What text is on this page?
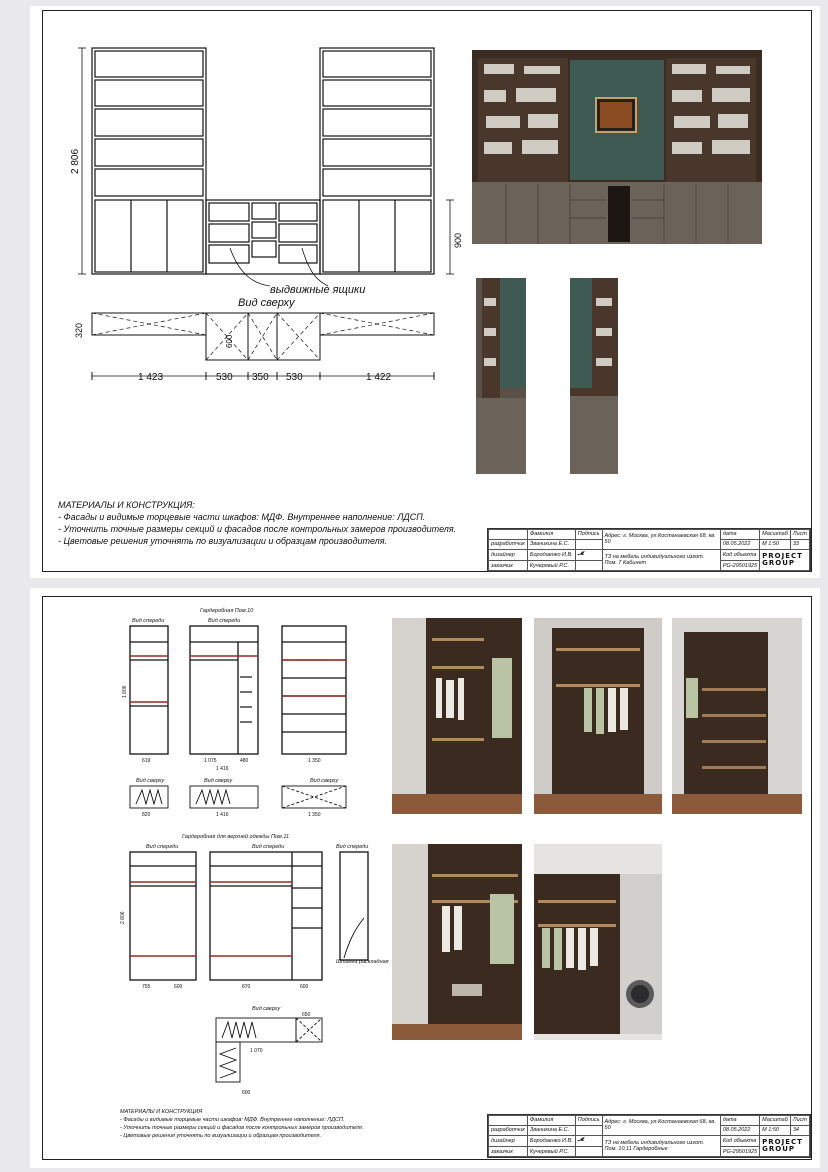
2 806
900
выдвижные ящики
Вид сверху
320
600
1 423	530 350 530	1 422
МАТЕРИАЛЫ И КОНСТРУКЦИЯ:
- Фасады и видимые торцевые части шкафов: МДФ. Внутреннее наполнение: ЛДСП.
- Уточнить точные размеры секций и фасадов после контрольных замеров производителя.
- Цветовые решения уточнять по визуализации и образцам производителя.
	Фамилия	Подпись	Адрес: г. Москва, ул.Костанаевская 68, кв. 50	дата	Масштаб	Лист
разработчик	Званикина Е.С.			08.05.2022	М 1:50	33
дизайнер	Бородаенко И.В.	𝓜	ТЗ на мебель индивидуального изгот. Пом. 7 Кабинет	Код объекта	PROJECT
GROUP	

заказчик	Кучерявый Р.С.			PG-29501925		
Гардеробная Пом.10
Вид спереди	Вид спереди
Вид сверху	Вид сверху	Вид сверху
1 806
619	1 075	480
1 416
1 350
820	1 416	1 350
Гардеробная для верхней одежды Пом.11
Вид спереди	Вид спереди	Вид спереди
Вид сверху
Штанга раскладная
2 806
755	600	870	600
650
1 070
600
МАТЕРИАЛЫ И КОНСТРУКЦИЯ
- Фасады и видимые торцевые части шкафов: МДФ. Внутреннее наполнение: ЛДСП.
- Уточнить точные размеры секций и фасадов после контрольных замеров производителя.
- Цветовые решения уточнять по визуализации и образцам производителя.
	Фамилия	Подпись	Адрес: г. Москва, ул.Костанаевская 68, кв. 50	дата	Масштаб	Лист
разработчик	Званикина Е.С.			08.05.2022	М 1:50	34
дизайнер	Бородаенко И.В.	𝓜	ТЗ на мебель индивидуального изгот. Пом. 10,11 Гардеробные	Код объекта	PROJECT
GROUP	

заказчик	Кучерявый Р.С.			PG-29501925		
